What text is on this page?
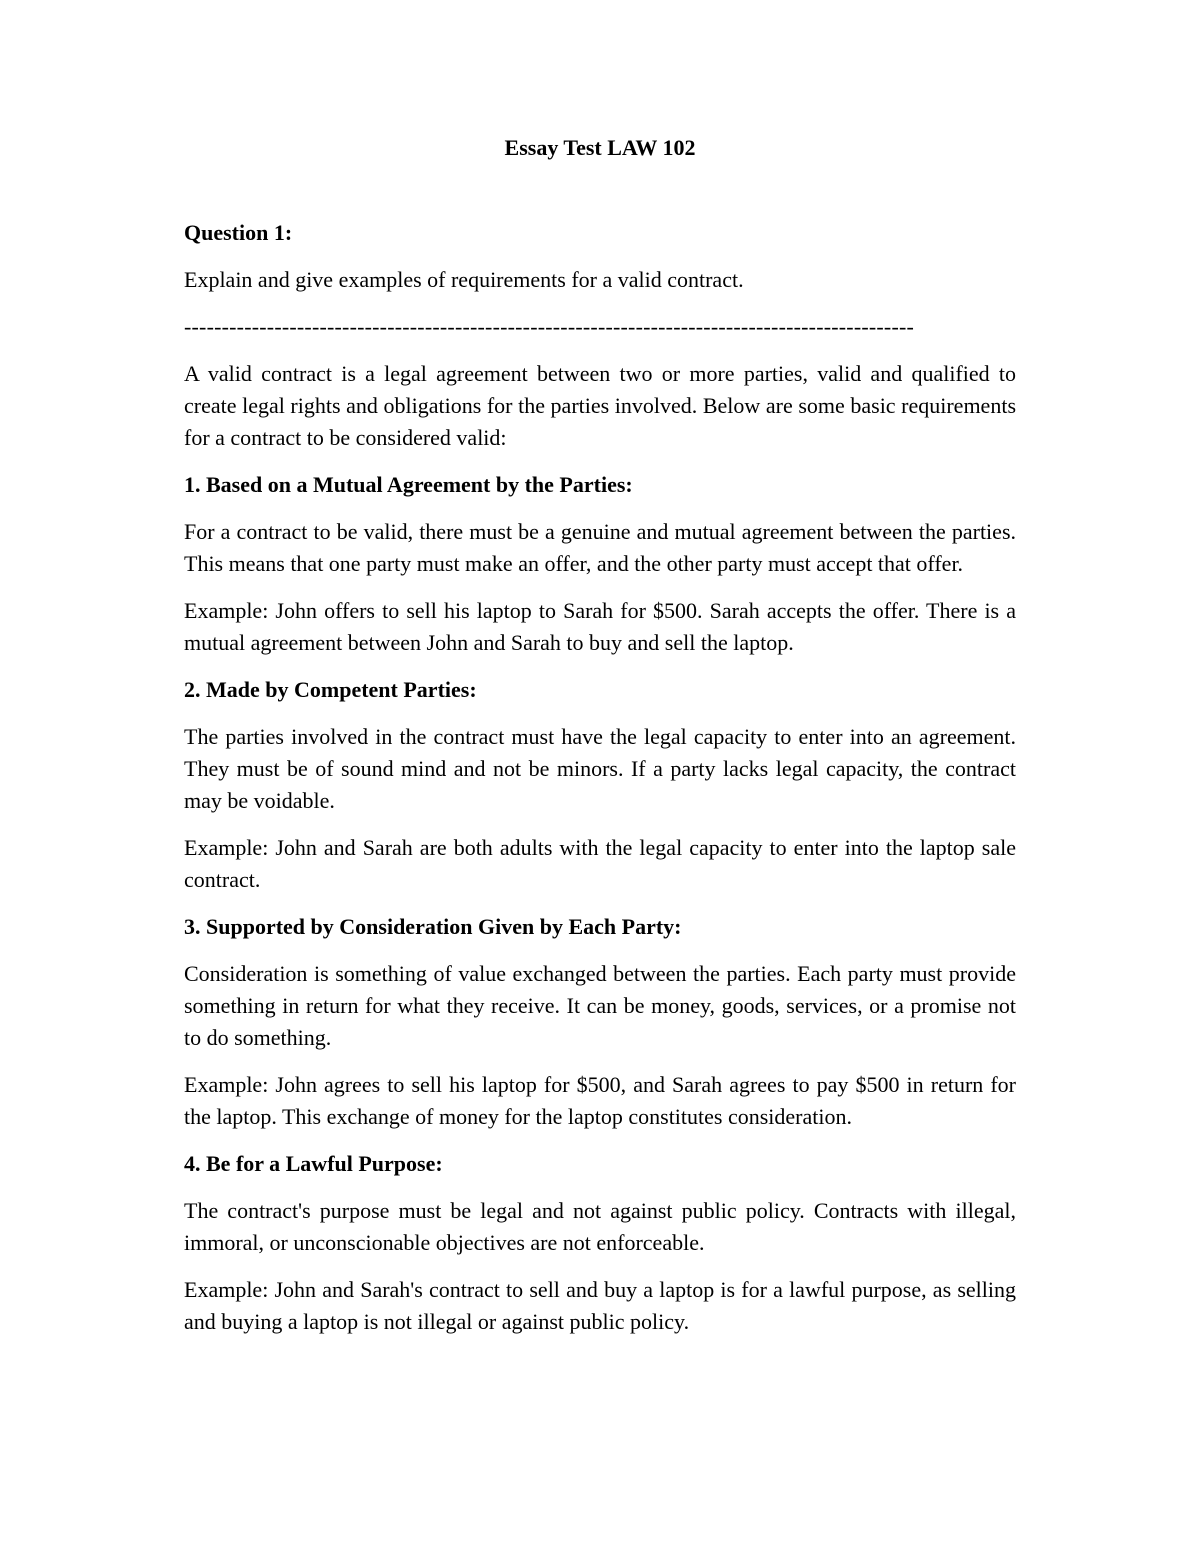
Essay Test LAW 102
Question 1:
Explain and give examples of requirements for a valid contract.
-------------------------------------------------------------------------------------------------

A valid contract is a legal agreement between two or more parties, valid and qualified to create legal rights and obligations for the parties involved. Below are some basic requirements for a contract to be considered valid:

1. Based on a Mutual Agreement by the Parties:

For a contract to be valid, there must be a genuine and mutual agreement between the parties. This means that one party must make an offer, and the other party must accept that offer.

Example: John offers to sell his laptop to Sarah for $500. Sarah accepts the offer. There is a mutual agreement between John and Sarah to buy and sell the laptop.

2. Made by Competent Parties:

The parties involved in the contract must have the legal capacity to enter into an agreement. They must be of sound mind and not be minors. If a party lacks legal capacity, the contract may be voidable.

Example: John and Sarah are both adults with the legal capacity to enter into the laptop sale contract.

3. Supported by Consideration Given by Each Party:

Consideration is something of value exchanged between the parties. Each party must provide something in return for what they receive. It can be money, goods, services, or a promise not to do something.

Example: John agrees to sell his laptop for $500, and Sarah agrees to pay $500 in return for the laptop. This exchange of money for the laptop constitutes consideration.

4. Be for a Lawful Purpose:

The contract's purpose must be legal and not against public policy. Contracts with illegal, immoral, or unconscionable objectives are not enforceable.

Example: John and Sarah's contract to sell and buy a laptop is for a lawful purpose, as selling and buying a laptop is not illegal or against public policy.
